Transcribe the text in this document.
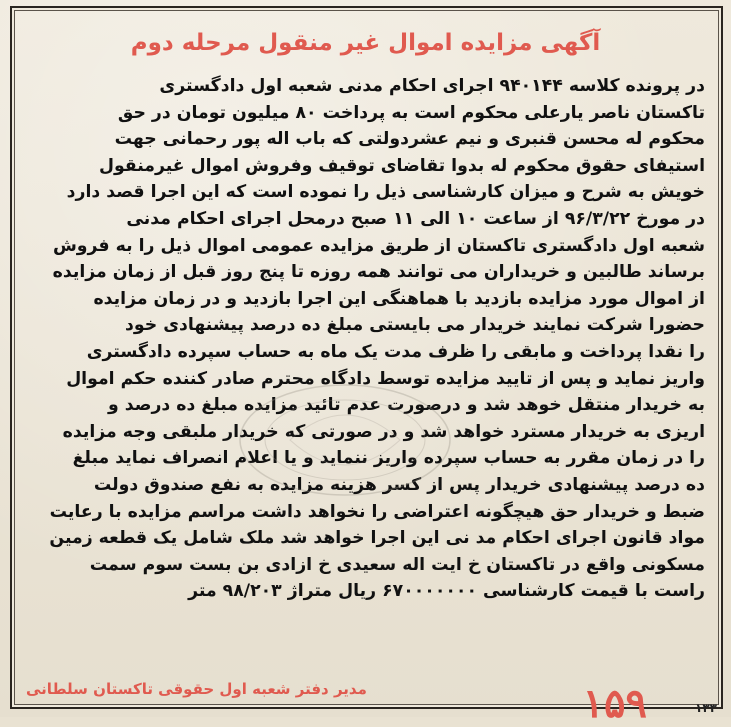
آگهی مزایده اموال غیر منقول مرحله دوم
در پرونده کلاسه ۹۴۰۱۴۴ اجرای احکام مدنی شعبه اول دادگستری
تاکستان ناصر یارعلی محکوم است به پرداخت ۸۰ میلیون تومان در حق
محکوم له محسن قنبری و نیم عشردولتی که باب اله پور رحمانی جهت
استیفای حقوق محکوم له بدوا تقاضای توقیف وفروش اموال غیرمنقول
خویش به شرح و میزان کارشناسی ذیل را نموده است که این اجرا قصد دارد
در مورخ ۹۶/۳/۲۲ از ساعت ۱۰ الی ۱۱ صبح درمحل اجرای احکام مدنی
شعبه اول دادگستری تاکستان از طریق مزایده عمومی اموال ذیل را به فروش
برساند طالبین و خریداران می توانند همه روزه تا پنج روز قبل از زمان مزایده
از اموال مورد مزایده بازدید با هماهنگی این اجرا بازدید و در زمان مزایده
حضورا شرکت نمایند خریدار می بایستی مبلغ ده درصد پیشنهادی خود
را نقدا پرداخت و مابقی را ظرف مدت یک ماه به حساب سپرده دادگستری
واریز نماید و پس از تایید مزایده توسط دادگاه محترم صادر کننده حکم اموال
به خریدار منتقل خوهد شد و درصورت عدم تائید مزایده مبلغ ده درصد و
اریزی به خریدار مسترد خواهد شد و در صورتی که خریدار ملبقی وجه مزایده
را در زمان مقرر به حساب سپرده واریز ننماید و یا اعلام انصراف نماید مبلغ
ده درصد پیشنهادی خریدار پس از کسر هزینه مزایده به نفع صندوق دولت
ضبط و خریدار حق هیچگونه اعتراضی را نخواهد داشت مراسم مزایده با رعایت
مواد قانون اجرای احکام مد نی این اجرا خواهد شد ملک شامل یک قطعه زمین
مسکونی واقع در تاکستان خ ایت اله سعیدی خ ازادی بن بست سوم سمت
راست با قیمت کارشناسی ۶۷۰۰۰۰۰۰۰ ریال متراژ ۹۸/۲۰۳ متر
مدیر دفتر شعبه اول حقوقی تاکستان سلطانی	۱۵۹	۱۳۳
